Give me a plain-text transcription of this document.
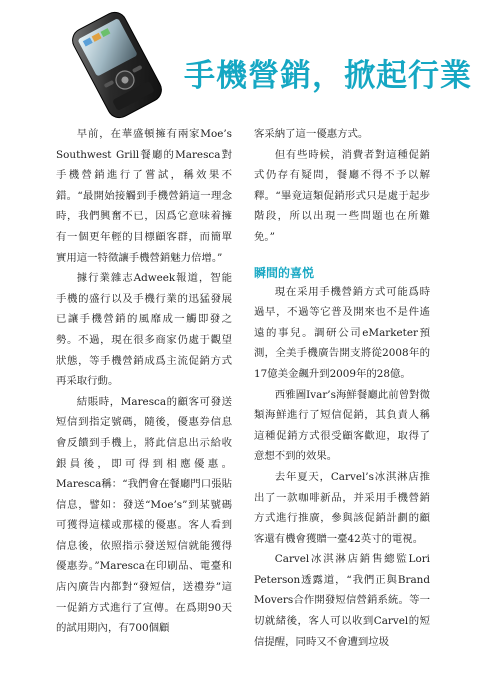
手機營銷，掀起行業

早前，在華盛頓擁有兩家Moe’s Southwest Grill餐廳的Maresca對手機營銷進行了嘗試，稱效果不錯。“最開始接觸到手機營銷這一理念時，我們興奮不已，因爲它意味着擁有一個更年輕的目標顧客群，而簡單實用這一特徵讓手機營銷魅力倍增。”

據行業雜志Adweek報道，智能手機的盛行以及手機行業的迅猛發展已讓手機營銷的風靡成一觸即發之勢。不過，現在很多商家仍處于觀望狀態，等手機營銷成爲主流促銷方式再采取行動。

結賬時，Maresca的顧客可發送短信到指定號碼，隨後，優惠券信息會反饋到手機上，將此信息出示給收銀員後，即可得到相應優惠。Maresca稱：“我們會在餐廳門口張貼信息，譬如：發送“Moe’s”到某號碼可獲得這樣或那樣的優惠。客人看到信息後，依照指示發送短信就能獲得優惠券。”Maresca在印刷品、電臺和店內廣告内都對“發短信，送禮券”這一促銷方式進行了宣傳。在爲期90天的試用期內，有700個顧

客采納了這一優惠方式。

但有些時候，消費者對這種促銷式仍存有疑問，餐廳不得不予以解釋。“畢竟這類促銷形式只是處于起步階段，所以出現一些問題也在所難免。”

瞬間的喜悦

現在采用手機營銷方式可能爲時過早，不過等它普及開來也不是件遙遠的事兒。調研公司eMarketer預測，全美手機廣告開支將從2008年的17億美金飆升到2009年的28億。

西雅圖Ivar’s海鮮餐廳此前曾對微類海鮮進行了短信促銷，其負責人稱這種促銷方式很受顧客歡迎，取得了意想不到的效果。

去年夏天，Carvel’s冰淇淋店推出了一款咖啡新品，并采用手機營銷方式進行推廣，參與該促銷計劃的顧客還有機會獲贈一臺42英寸的電視。

Carvel冰淇淋店銷售總監Lori Peterson透露道，“我們正與Brand Movers合作開發短信營銷系統。等一切就緒後，客人可以收到Carvel的短信提醒，同時又不會遭到垃圾
